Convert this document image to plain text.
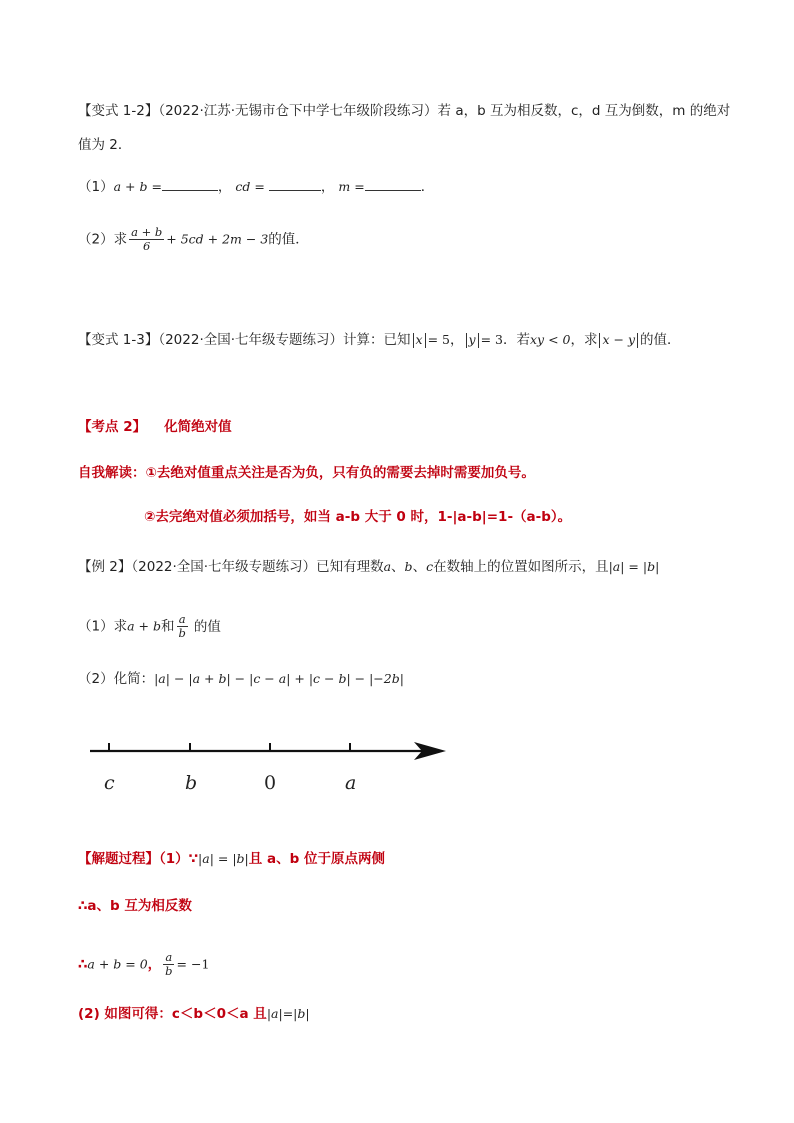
【变式 1-2】（2022·江苏·无锡市仓下中学七年级阶段练习）若 a，b 互为相反数，c，d 互为倒数，m 的绝对
值为 2．
（1）a + b =	， cd =	， m =	．
（2）求 $\frac{a + b}{6} + 5cd + 2m - 3$的值．
【变式 1-3】（2022·全国·七年级专题练习）计算：已知 x = 5， y = 3．若xy < 0，求 x − y 的值．
【考点 2】 化简绝对值
自我解读：①去绝对值重点关注是否为负，只有负的需要去掉时需要加负号。
②去完绝对值必须加括号，如当 a-b 大于 0 时，1-|a-b|=1-（a-b）。
【例 2】（2022·全国·七年级专题练习）已知有理数a、b、c在数轴上的位置如图所示，且|a| = |b|
（1）求a + b和 $\frac{a}{b}$ 的值
（2）化简：|a| − |a + b| − |c − a| + |c − b| − |−2b|
c	b	0	a
【解题过程】（1）∵|a| = |b|且 a、b 位于原点两侧
∴a、b 互为相反数
∴a + b = 0， $\frac{a}{b} = -1$
(2) 如图可得：c＜b＜0＜a 且|a|=|b|
